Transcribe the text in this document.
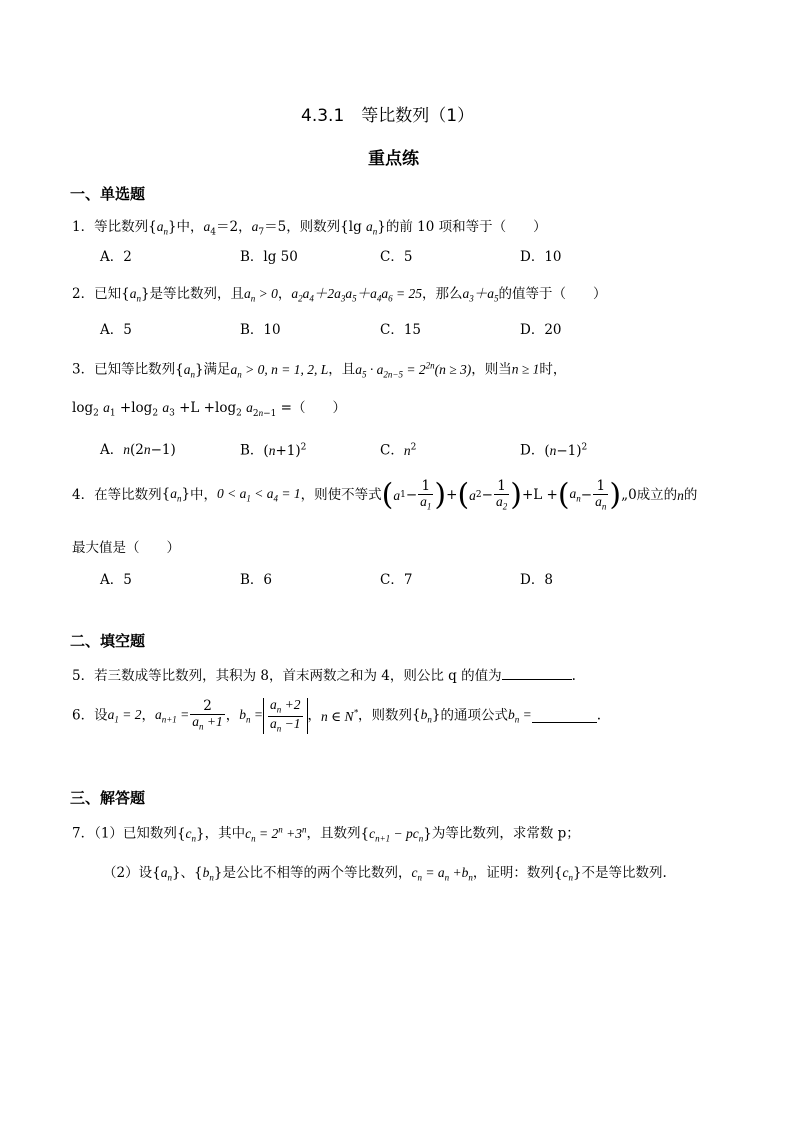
4.3.1　等比数列（1）
重点练
一、单选题
1．等比数列$\{a_n\}$中，$a_4=2$，$a_7=5$，则数列{lg $a_n$}的前 10 项和等于（　　）
A．2	B．lg 50	C．5	D．10
2．已知$\{a_n\}$是等比数列，且$a_n > 0$，$a_2a_4+2a_3a_5+a_4a_6 = 25$，那么$a_3+a_5$的值等于（　　）
A．5	B．10	C．15	D．20
3．已知等比数列$\{a_n\}$满足$a_n > 0$, n = 1, 2, L，且$a_5 \cdot a_{2n-5} = 2^{2n}(n \ge 3)$，则当n ≥ 1时，
$\log_2 a_1 +\log_2$ $a_3 +L +\log_2$ $a_{2n-1}$ =（　　）
A．n(2n−1)	B．$(n+1)^2$	C．$n^2$	D．$(n-1)^2$
4．在等比数列$\{a_n\}$中，$0 < a_1 < a_4 = 1$，则使不等式$(a1- \frac{1}{a_1} )+(a2- \frac{1}{a_2} )+L +(a_n- \frac{1}{a_n}$ )„0成立的n的
最大值是（　　）
A．5	B．6	C．7	D．8
二、填空题
5．若三数成等比数列，其积为 8，首末两数之和为 4，则公比 q 的值为	.
6．设$a_1 = 2$，$a_{n+1} = \frac{2}{a_n +1}$ ，$b_n = \frac{a_n +2}{a_n -1}$ ，n ∈ N*，则数列$\{b_n\}$的通项公式$b_n$ =	.
三、解答题
7．（1）已知数列$\{c_n\}$，其中$c_n = 2^n +3^n$，且数列$\{c_{n+1} - pc_n\}$为等比数列，求常数 p；
（2）设$\{a_n\}$、$\{b_n\}$是公比不相等的两个等比数列，$c_n = a_n +b_n$，证明：数列$\{c_n\}$不是等比数列.
